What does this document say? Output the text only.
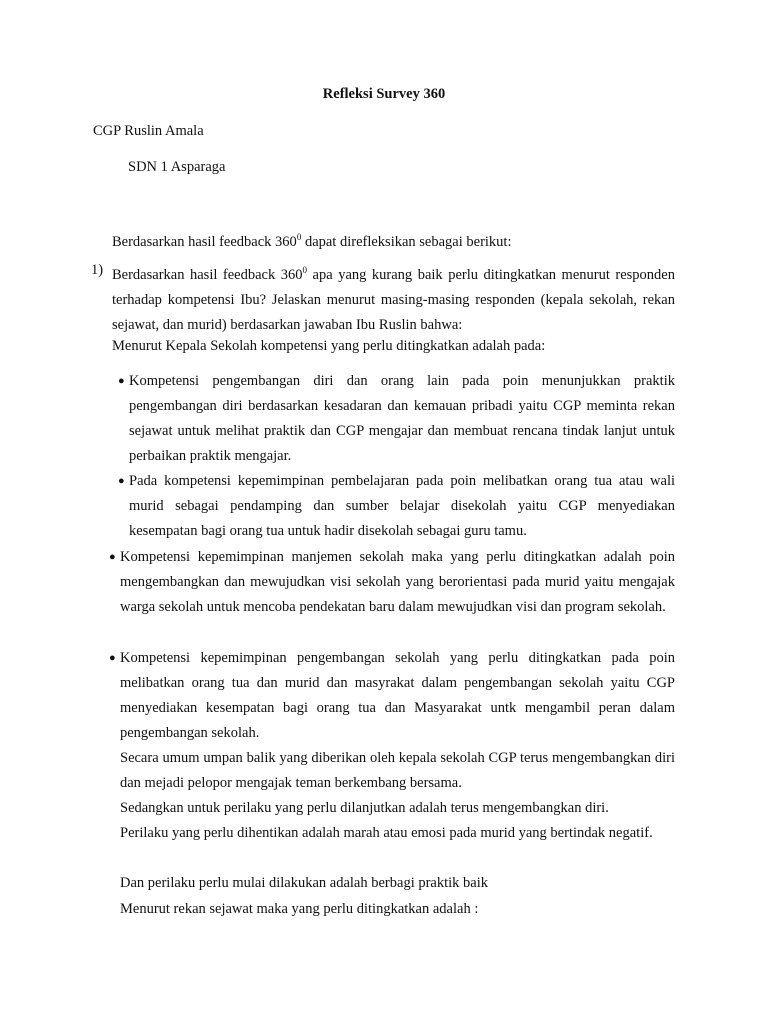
Refleksi Survey 360
CGP Ruslin Amala
SDN 1 Asparaga
Berdasarkan hasil feedback $360^0$ dapat direfleksikan sebagai berikut:
1) Berdasarkan hasil feedback $360^0$ apa yang kurang baik perlu ditingkatkan menurut responden terhadap kompetensi Ibu? Jelaskan menurut masing-masing responden (kepala sekolah, rekan sejawat, dan murid) berdasarkan jawaban Ibu Ruslin bahwa:
Menurut Kepala Sekolah kompetensi yang perlu ditingkatkan adalah pada:
● Kompetensi pengembangan diri dan orang lain pada poin menunjukkan praktik pengembangan diri berdasarkan kesadaran dan kemauan pribadi yaitu CGP meminta rekan sejawat untuk melihat praktik dan CGP mengajar dan membuat rencana tindak lanjut untuk perbaikan praktik mengajar.
● Pada kompetensi kepemimpinan pembelajaran pada poin melibatkan orang tua atau wali murid sebagai pendamping dan sumber belajar disekolah yaitu CGP menyediakan kesempatan bagi orang tua untuk hadir disekolah sebagai guru tamu.
● Kompetensi kepemimpinan manjemen sekolah maka yang perlu ditingkatkan adalah poin mengembangkan dan mewujudkan visi sekolah yang berorientasi pada murid yaitu mengajak warga sekolah untuk mencoba pendekatan baru dalam mewujudkan visi dan program sekolah.
● Kompetensi kepemimpinan pengembangan sekolah yang perlu ditingkatkan pada poin melibatkan orang tua dan murid dan masyrakat dalam pengembangan sekolah yaitu CGP menyediakan kesempatan bagi orang tua dan Masyarakat untk mengambil peran dalam pengembangan sekolah.
Secara umum umpan balik yang diberikan oleh kepala sekolah CGP terus mengembangkan diri dan mejadi pelopor mengajak teman berkembang bersama.
Sedangkan untuk perilaku yang perlu dilanjutkan adalah terus mengembangkan diri.
Perilaku yang perlu dihentikan adalah marah atau emosi pada murid yang bertindak negatif.
Dan perilaku perlu mulai dilakukan adalah berbagi praktik baik
Menurut rekan sejawat maka yang perlu ditingkatkan adalah :
